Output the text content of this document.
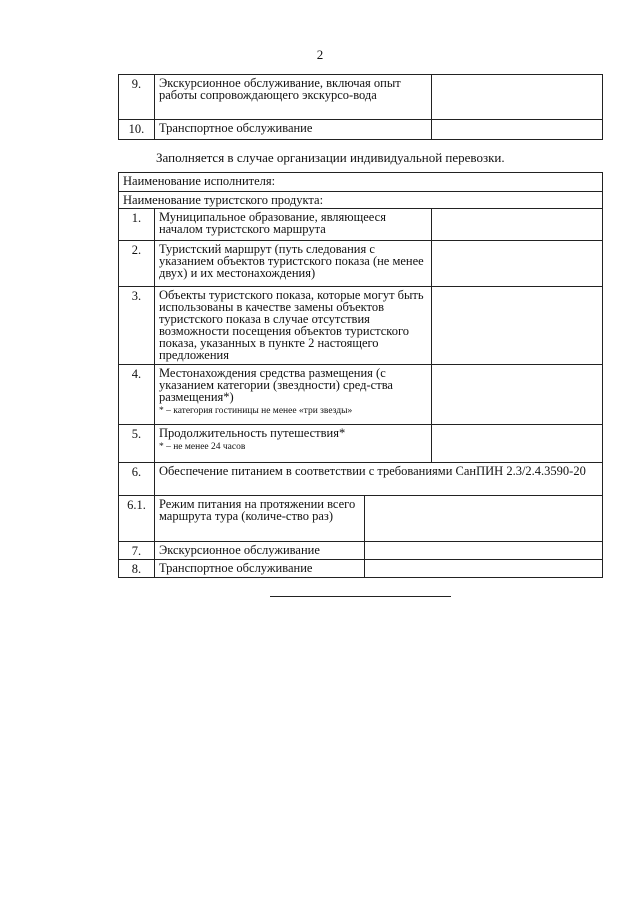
2
9.	Экскурсионное обслуживание, включая опыт работы сопровождающего экскурсо-вода	
10.	Транспортное обслуживание	
Заполняется в случае организации индивидуальной перевозки.
Наименование исполнителя:			
Наименование туристского продукта:			
1.	Муниципальное образование, являющееся началом туристского маршрута		
2.	Туристский маршрут (путь следования с указанием объектов туристского показа (не менее двух) и их местонахождения)		
3.	Объекты туристского показа, которые могут быть использованы в качестве замены объектов туристского показа в случае отсутствия возможности посещения объектов туристского показа, указанных в пункте 2 настоящего предложения		
4.	Местонахождения средства размещения (с указанием категории (звездности) сред-ства размещения*)
* – категория гостиницы не менее «три звезды»		

5.	Продолжительность путешествия*
* – не менее 24 часов		

6.	Обеспечение питанием в соответствии с требованиями СанПИН 2.3/2.4.3590-20		
6.1.	Режим питания на протяжении всего маршрута тура (количе-ство раз)		
7.	Экскурсионное обслуживание		
8.	Транспортное обслуживание		
